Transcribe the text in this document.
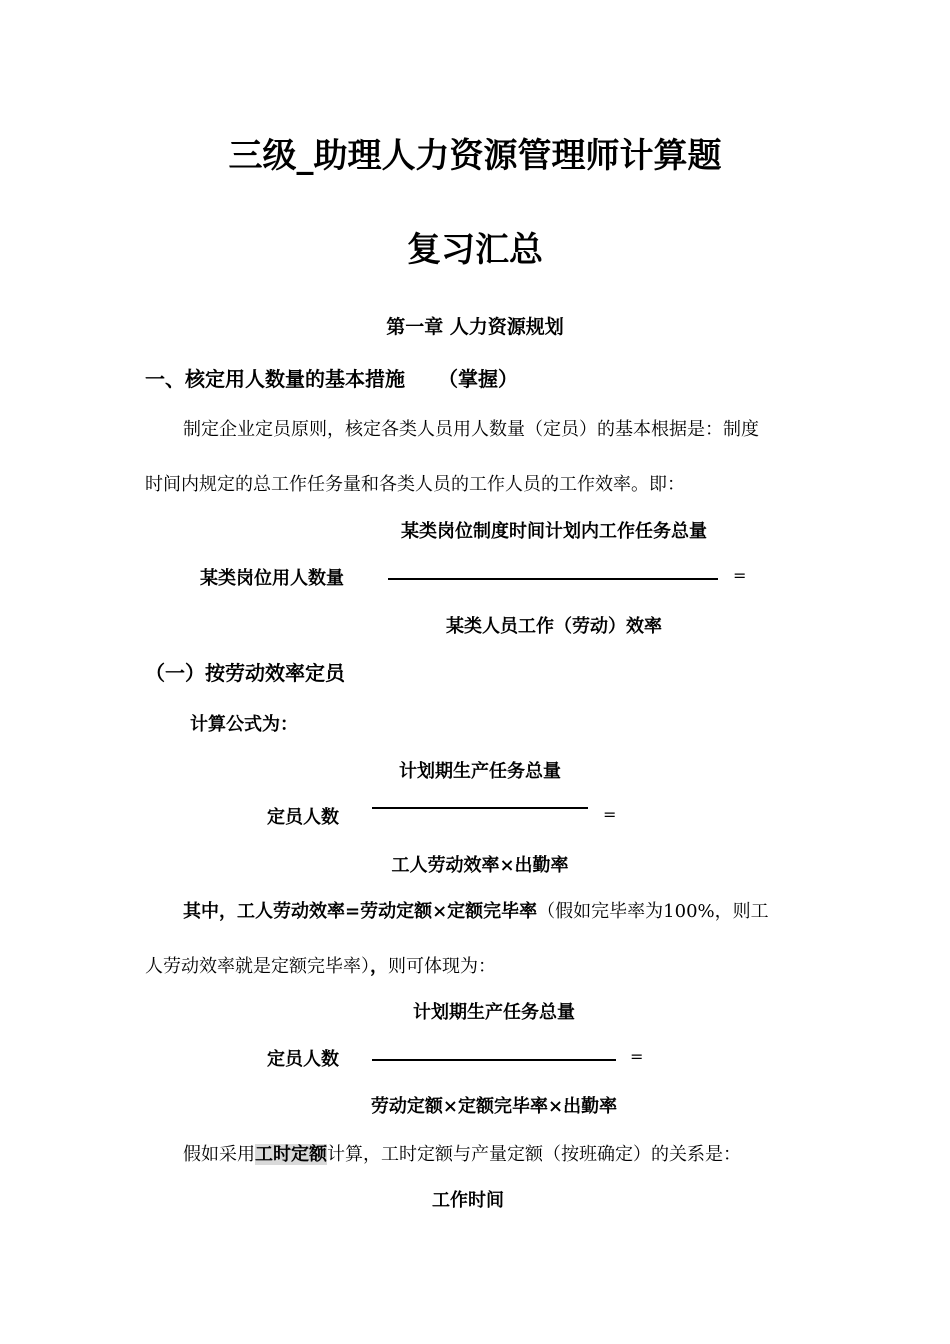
三级_助理人力资源管理师计算题
复习汇总
第一章 人力资源规划
一、核定用人数量的基本措施 （掌握）
制定企业定员原则，核定各类人员用人数量（定员）的基本根据是：制度
时间内规定的总工作任务量和各类人员的工作人员的工作效率。即：
某类岗位制度时间计划内工作任务总量
某类岗位用人数量	=
某类人员工作（劳动）效率
（一）按劳动效率定员
计算公式为：
计划期生产任务总量
定员人数	=
工人劳动效率×出勤率
其中，工人劳动效率=劳动定额×定额完毕率（假如完毕率为100%，则工
人劳动效率就是定额完毕率），则可体现为：
计划期生产任务总量
定员人数	=
劳动定额×定额完毕率×出勤率
假如采用工时定额计算，工时定额与产量定额（按班确定）的关系是：
工作时间
